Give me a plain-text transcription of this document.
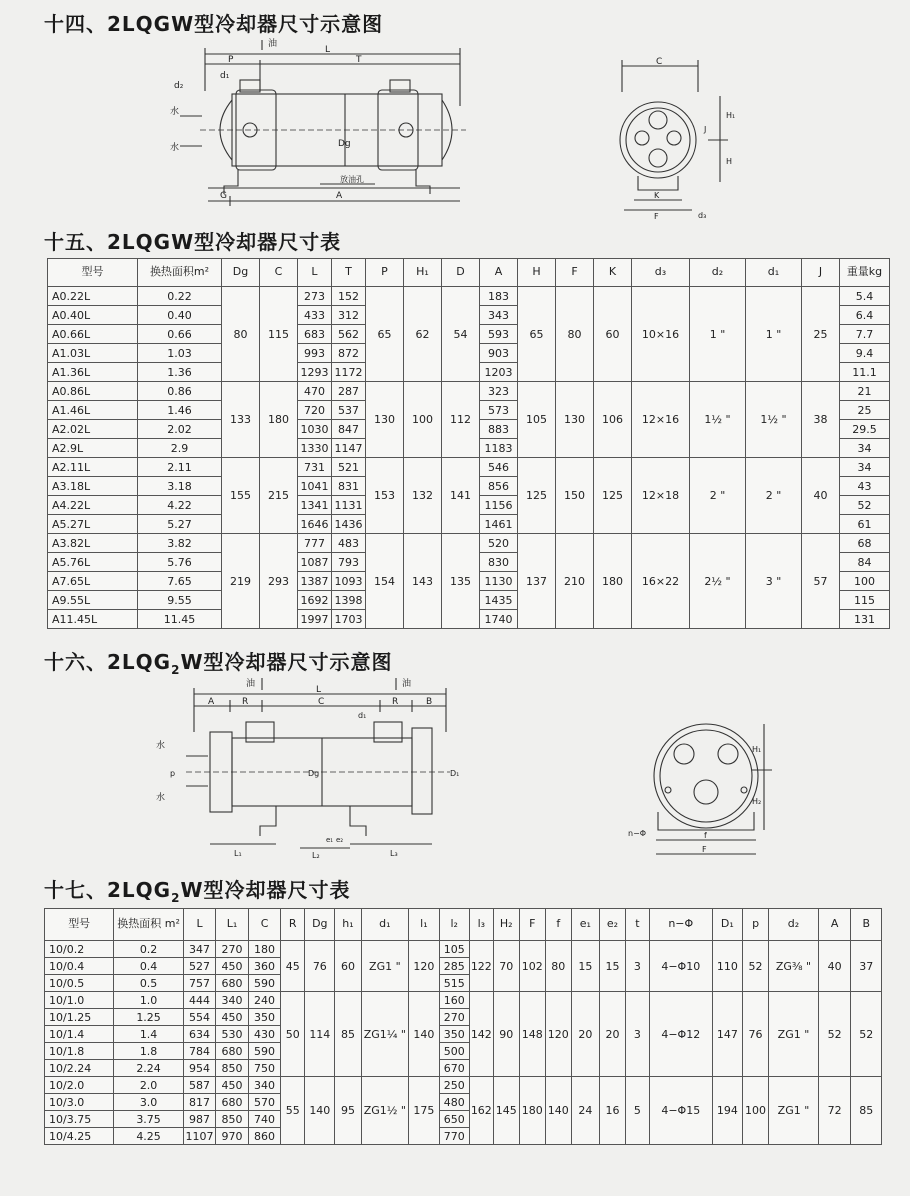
十四、2LQGW型冷却器尺寸示意图
油
L
P	T
d₂
d₁
水
水	Dg
放油孔
G	A
C
H₁
H
J
K
F	d₃
十五、2LQGW型冷却器尺寸表
型号	换热面积m²	Dg	C	L	T	P	H₁	D	A	H	F	K	d₃	d₂	d₁	J	重量kg
A0.22L	0.22	80	115	273	152	65	62	54	183	65	80	60	10×16	1 "	1 "	25	5.4
A0.40L	0.40			433	312				343								6.4
A0.66L	0.66			683	562				593								7.7
A1.03L	1.03			993	872				903								9.4
A1.36L	1.36			1293	1172				1203								11.1
A0.86L	0.86	133	180	470	287	130	100	112	323	105	130	106	12×16	1½ "	1½ "	38	21
A1.46L	1.46			720	537				573								25
A2.02L	2.02			1030	847				883								29.5
A2.9L	2.9			1330	1147				1183								34
A2.11L	2.11	155	215	731	521	153	132	141	546	125	150	125	12×18	2 "	2 "	40	34
A3.18L	3.18			1041	831				856								43
A4.22L	4.22			1341	1131				1156								52
A5.27L	5.27			1646	1436				1461								61
A3.82L	3.82	219	293	777	483	154	143	135	520	137	210	180	16×22	2½ "	3 "	57	68
A5.76L	5.76			1087	793				830								84
A7.65L	7.65			1387	1093				1130								100
A9.55L	9.55			1692	1398				1435								115
A11.45L	11.45			1997	1703				1740								131
十六、$2LQG_2W$型冷却器尺寸示意图
油	油
L
A	R	C	R	B
d₁
水
水
p	Dg	D₁
L₁	L₂	L₃
e₁ e₂
H₁
H₂
n−Φ	f
F
十七、$2LQG_2W$型冷却器尺寸表
型号	换热面积 m²	L	L₁	C	R	Dg	h₁	d₁	l₁	l₂	l₃	H₂	F	f	e₁	e₂	t	n−Φ	D₁	p	d₂	A	B
10/0.2	0.2	347	270	180	45	76	60	ZG1 "	120	105	122	70	102	80	15	15	3	4−Φ10	110	52	ZG⅜ "	40	37
10/0.4	0.4	527	450	360						285													
10/0.5	0.5	757	680	590						515													
10/1.0	1.0	444	340	240	50	114	85	ZG1¼ "	140	160	142	90	148	120	20	20	3	4−Φ12	147	76	ZG1 "	52	52
10/1.25	1.25	554	450	350						270													
10/1.4	1.4	634	530	430						350													
10/1.8	1.8	784	680	590						500													
10/2.24	2.24	954	850	750						670													
10/2.0	2.0	587	450	340	55	140	95	ZG1½ "	175	250	162	145	180	140	24	16	5	4−Φ15	194	100	ZG1 "	72	85
10/3.0	3.0	817	680	570						480													
10/3.75	3.75	987	850	740						650													
10/4.25	4.25	1107	970	860						770													
